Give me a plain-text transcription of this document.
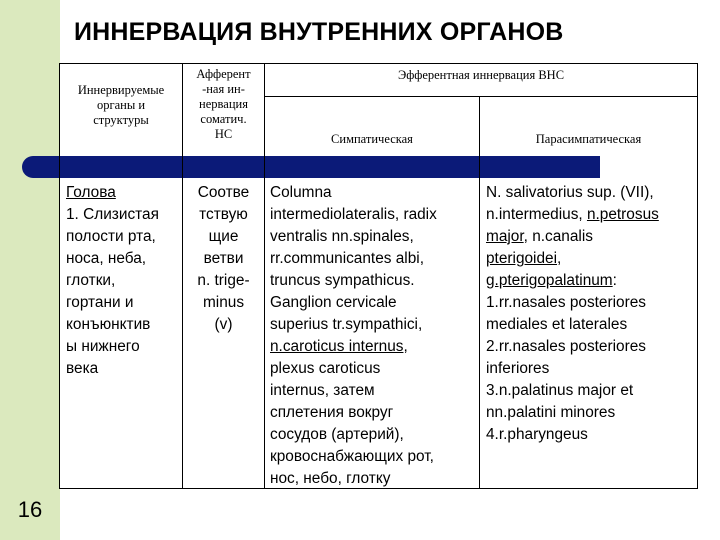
16
ИННЕРВАЦИЯ ВНУТРЕННИХ ОРГАНОВ
Иннервируемые
органы и
структуры
Афферент
-ная ин-
нервация
соматич.
НС
Эфферентная иннервация ВНС
Симпатическая	Парасимпатическая
Голова
1. Слизистая
полости рта,
носа, неба,
глотки,
гортани и
конъюнктив
ы нижнего
века
Соотве
тствую
щие
ветви
n. trige-
minus
(v)
Columna
intermediolateralis, radix
ventralis nn.spinales,
rr.communicantes albi,
truncus sympathicus.
Ganglion cervicale
superius tr.sympathici,
n.caroticus internus,
plexus caroticus
internus, затем
сплетения вокруг
сосудов (артерий),
кровоснабжающих рот,
нос, небо, глотку
N. salivatorius sup. (VII),
n.intermedius, n.petrosus
major, n.canalis
pterigoidei,
g.pterigopalatinum:
1.rr.nasales posteriores
mediales et laterales
2.rr.nasales posteriores
inferiores
3.n.palatinus major et
nn.palatini minores
4.r.pharyngeus
